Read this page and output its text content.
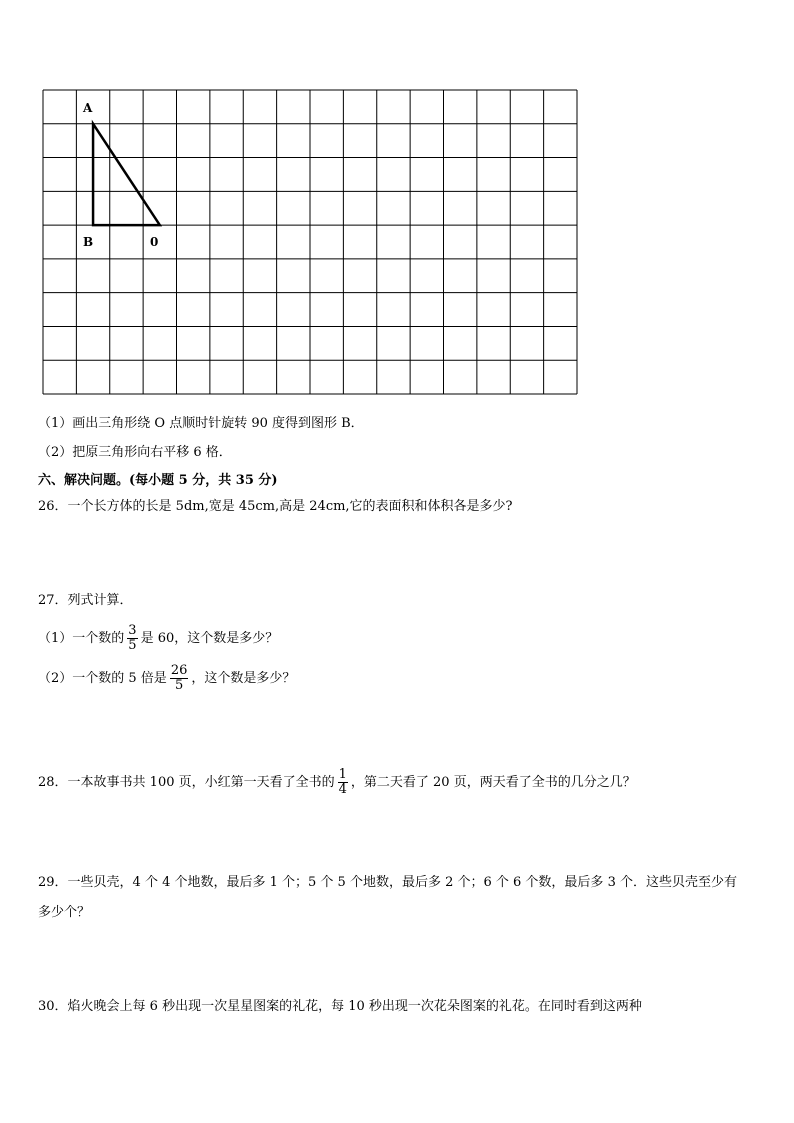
A
B	0
（1）画出三角形绕 O 点顺时针旋转 90 度得到图形 B．
（2）把原三角形向右平移 6 格．
六、解决问题。(每小题 5 分，共 35 分)
26．一个长方体的长是 5dm,宽是 45cm,高是 24cm,它的表面积和体积各是多少?
27．列式计算．
（1）一个数的 $\frac{3}{5}$ 是 60，这个数是多少？
（2）一个数的 5 倍是 $\frac{26}{5}$ ，这个数是多少？
28．一本故事书共 100 页，小红第一天看了全书的 $\frac{1}{4}$ ，第二天看了 20 页，两天看了全书的几分之几？
29．一些贝壳，4 个 4 个地数，最后多 1 个；5 个 5 个地数，最后多 2 个；6 个 6 个数，最后多 3 个．这些贝壳至少有
多少个？
30．焰火晚会上每 6 秒出现一次星星图案的礼花，每 10 秒出现一次花朵图案的礼花。在同时看到这两种
